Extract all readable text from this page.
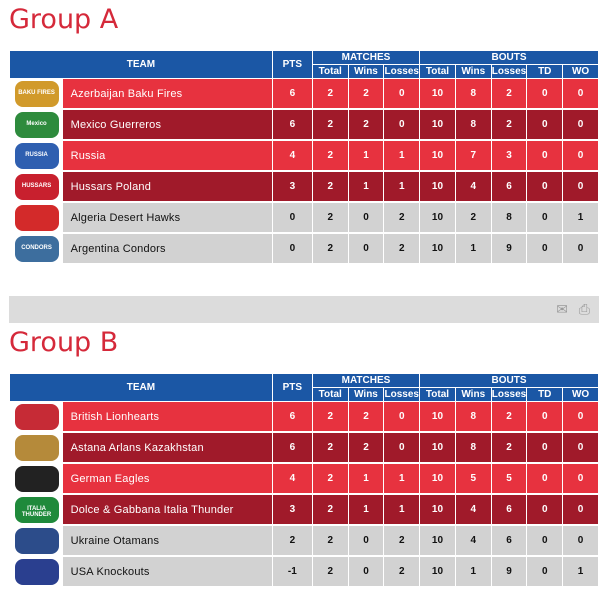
Group A
TEAM		PTS	MATCHES			BOUTS				
			Total	Wins	Losses	Total	Wins	Losses	TD	WO

BAKU FIRES	Azerbaijan Baku Fires	6	2	2	0	10	8	2	0	0

Mexico	Mexico Guerreros	6	2	2	0	10	8	2	0	0

RUSSIA	Russia	4	2	1	1	10	7	3	0	0

HUSSARS	Hussars Poland	3	2	1	1	10	4	6	0	0

	Algeria Desert Hawks	0	2	0	2	10	2	8	0	1

CONDORS	Argentina Condors	0	2	0	2	10	1	9	0	0
✉ ⎙
Group B
TEAM		PTS	MATCHES			BOUTS				
			Total	Wins	Losses	Total	Wins	Losses	TD	WO

	British Lionhearts	6	2	2	0	10	8	2	0	0

	Astana Arlans Kazakhstan	6	2	2	0	10	8	2	0	0

	German Eagles	4	2	1	1	10	5	5	0	0

ITALIA THUNDER	Dolce & Gabbana Italia Thunder	3	2	1	1	10	4	6	0	0

	Ukraine Otamans	2	2	0	2	10	4	6	0	0

	USA Knockouts	-1	2	0	2	10	1	9	0	1
